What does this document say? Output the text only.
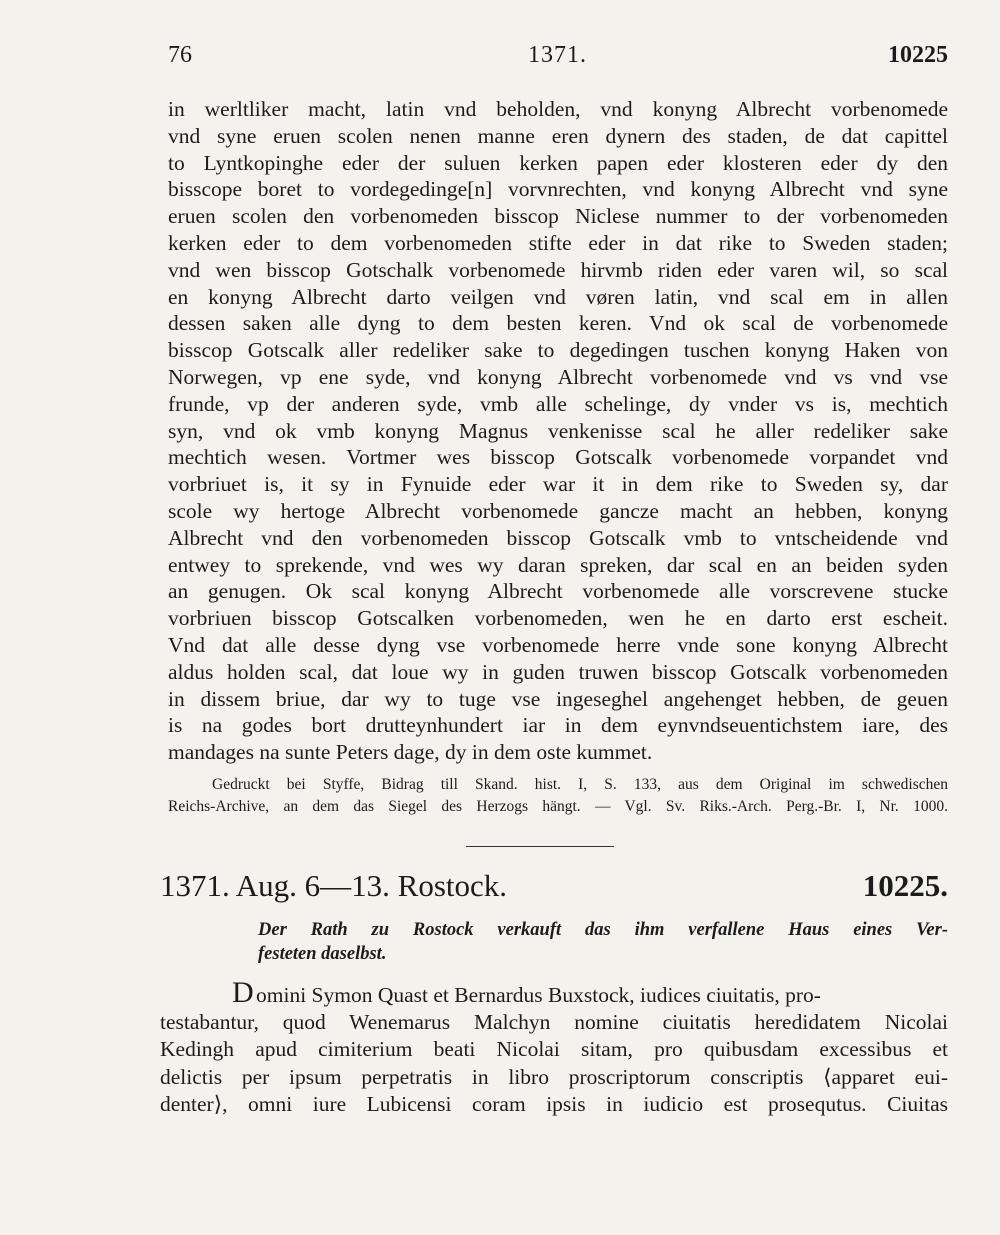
76	1371.	10225
in werltliker macht, latin vnd beholden, vnd konyng Albrecht vorbenomede
vnd syne eruen scolen nenen manne eren dynern des staden, de dat capittel
to Lyntkopinghe eder der suluen kerken papen eder klosteren eder dy den
bisscope boret to vordegedinge[n] vorvnrechten, vnd konyng Albrecht vnd syne
eruen scolen den vorbenomeden bisscop Niclese nummer to der vorbenomeden
kerken eder to dem vorbenomeden stifte eder in dat rike to Sweden staden;
vnd wen bisscop Gotschalk vorbenomede hirvmb riden eder varen wil, so scal
en konyng Albrecht darto veilgen vnd vøren latin, vnd scal em in allen
dessen saken alle dyng to dem besten keren. Vnd ok scal de vorbenomede
bisscop Gotscalk aller redeliker sake to degedingen tuschen konyng Haken von
Norwegen, vp ene syde, vnd konyng Albrecht vorbenomede vnd vs vnd vse
frunde, vp der anderen syde, vmb alle schelinge, dy vnder vs is, mechtich
syn, vnd ok vmb konyng Magnus venkenisse scal he aller redeliker sake
mechtich wesen. Vortmer wes bisscop Gotscalk vorbenomede vorpandet vnd
vorbriuet is, it sy in Fynuide eder war it in dem rike to Sweden sy, dar
scole wy hertoge Albrecht vorbenomede gancze macht an hebben, konyng
Albrecht vnd den vorbenomeden bisscop Gotscalk vmb to vntscheidende vnd
entwey to sprekende, vnd wes wy daran spreken, dar scal en an beiden syden
an genugen. Ok scal konyng Albrecht vorbenomede alle vorscrevene stucke
vorbriuen bisscop Gotscalken vorbenomeden, wen he en darto erst escheit.
Vnd dat alle desse dyng vse vorbenomede herre vnde sone konyng Albrecht
aldus holden scal, dat loue wy in guden truwen bisscop Gotscalk vorbenomeden
in dissem briue, dar wy to tuge vse ingeseghel angehenget hebben, de geuen
is na godes bort drutteynhundert iar in dem eynvndseuentichstem iare, des
mandages na sunte Peters dage, dy in dem oste kummet.
Gedruckt bei Styffe, Bidrag till Skand. hist. I, S. 133, aus dem Original im schwedischen
Reichs-Archive, an dem das Siegel des Herzogs hängt. — Vgl. Sv. Riks.-Arch. Perg.-Br. I, Nr. 1000.
1371. Aug. 6—13. Rostock.	10225.
Der Rath zu Rostock verkauft das ihm verfallene Haus eines Ver-
festeten daselbst.
D omini Symon Quast et Bernardus Buxstock, iudices ciuitatis, pro-
testabantur, quod Wenemarus Malchyn nomine ciuitatis heredidatem Nicolai
Kedingh apud cimiterium beati Nicolai sitam, pro quibusdam excessibus et
delictis per ipsum perpetratis in libro proscriptorum conscriptis ⟨apparet eui-
denter⟩, omni iure Lubicensi coram ipsis in iudicio est prosequtus. Ciuitas
